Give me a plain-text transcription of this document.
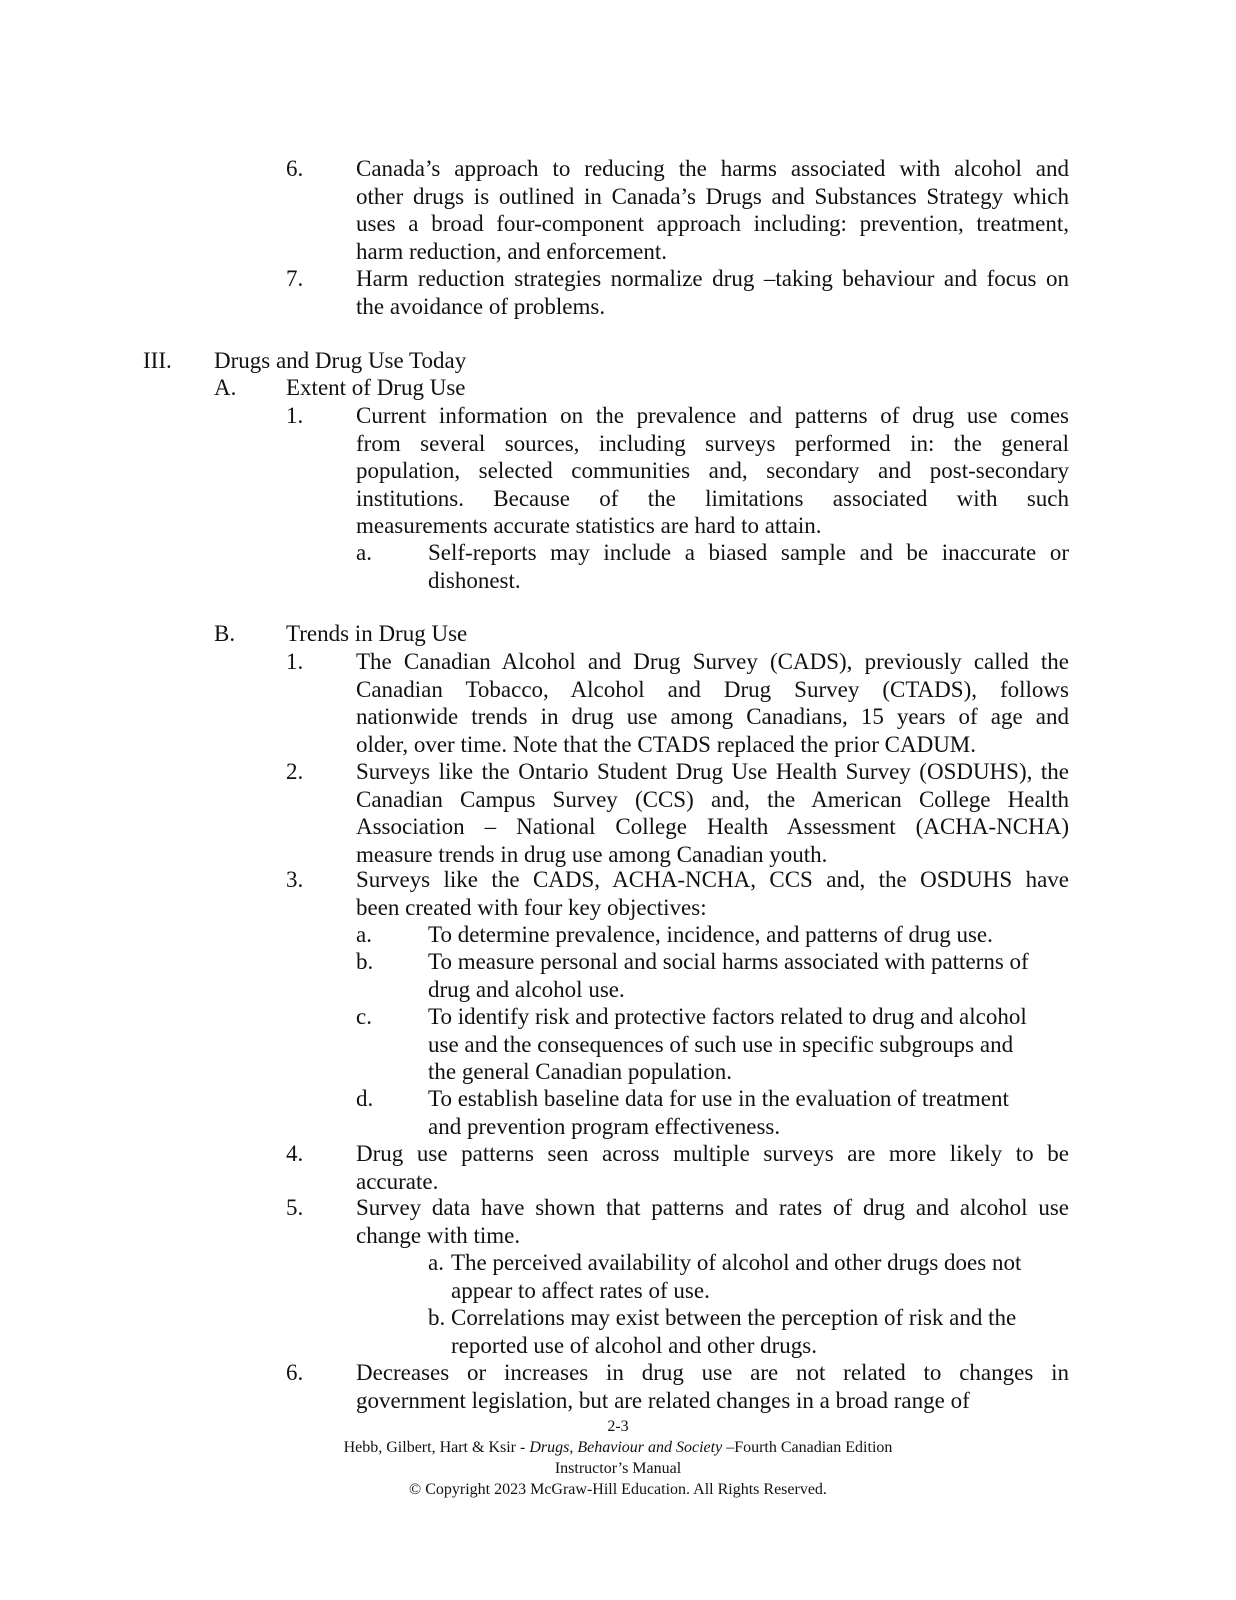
6. Canada’s approach to reducing the harms associated with alcohol and
other drugs is outlined in Canada’s Drugs and Substances Strategy which
uses a broad four-component approach including: prevention, treatment,
harm reduction, and enforcement.
7. Harm reduction strategies normalize drug –taking behaviour and focus on
the avoidance of problems.
III. Drugs and Drug Use Today
A. Extent of Drug Use
1. Current information on the prevalence and patterns of drug use comes
from several sources, including surveys performed in: the general
population, selected communities and, secondary and post-secondary
institutions. Because of the limitations associated with such
measurements accurate statistics are hard to attain.
a. Self-reports may include a biased sample and be inaccurate or
dishonest.
B. Trends in Drug Use
1. The Canadian Alcohol and Drug Survey (CADS), previously called the
Canadian Tobacco, Alcohol and Drug Survey (CTADS), follows
nationwide trends in drug use among Canadians, 15 years of age and
older, over time. Note that the CTADS replaced the prior CADUM.
2. Surveys like the Ontario Student Drug Use Health Survey (OSDUHS), the
Canadian Campus Survey (CCS) and, the American College Health
Association – National College Health Assessment (ACHA-NCHA)
measure trends in drug use among Canadian youth.
3. Surveys like the CADS, ACHA-NCHA, CCS and, the OSDUHS have
been created with four key objectives:
a. To determine prevalence, incidence, and patterns of drug use.
b. To measure personal and social harms associated with patterns of
drug and alcohol use.
c. To identify risk and protective factors related to drug and alcohol
use and the consequences of such use in specific subgroups and
the general Canadian population.
d. To establish baseline data for use in the evaluation of treatment
and prevention program effectiveness.
4. Drug use patterns seen across multiple surveys are more likely to be
accurate.
5. Survey data have shown that patterns and rates of drug and alcohol use
change with time.
a. The perceived availability of alcohol and other drugs does not
appear to affect rates of use.
b. Correlations may exist between the perception of risk and the
reported use of alcohol and other drugs.
6. Decreases or increases in drug use are not related to changes in
government legislation, but are related changes in a broad range of
2-3
Hebb, Gilbert, Hart & Ksir - Drugs, Behaviour and Society –Fourth Canadian Edition
Instructor’s Manual
© Copyright 2023 McGraw-Hill Education. All Rights Reserved.
